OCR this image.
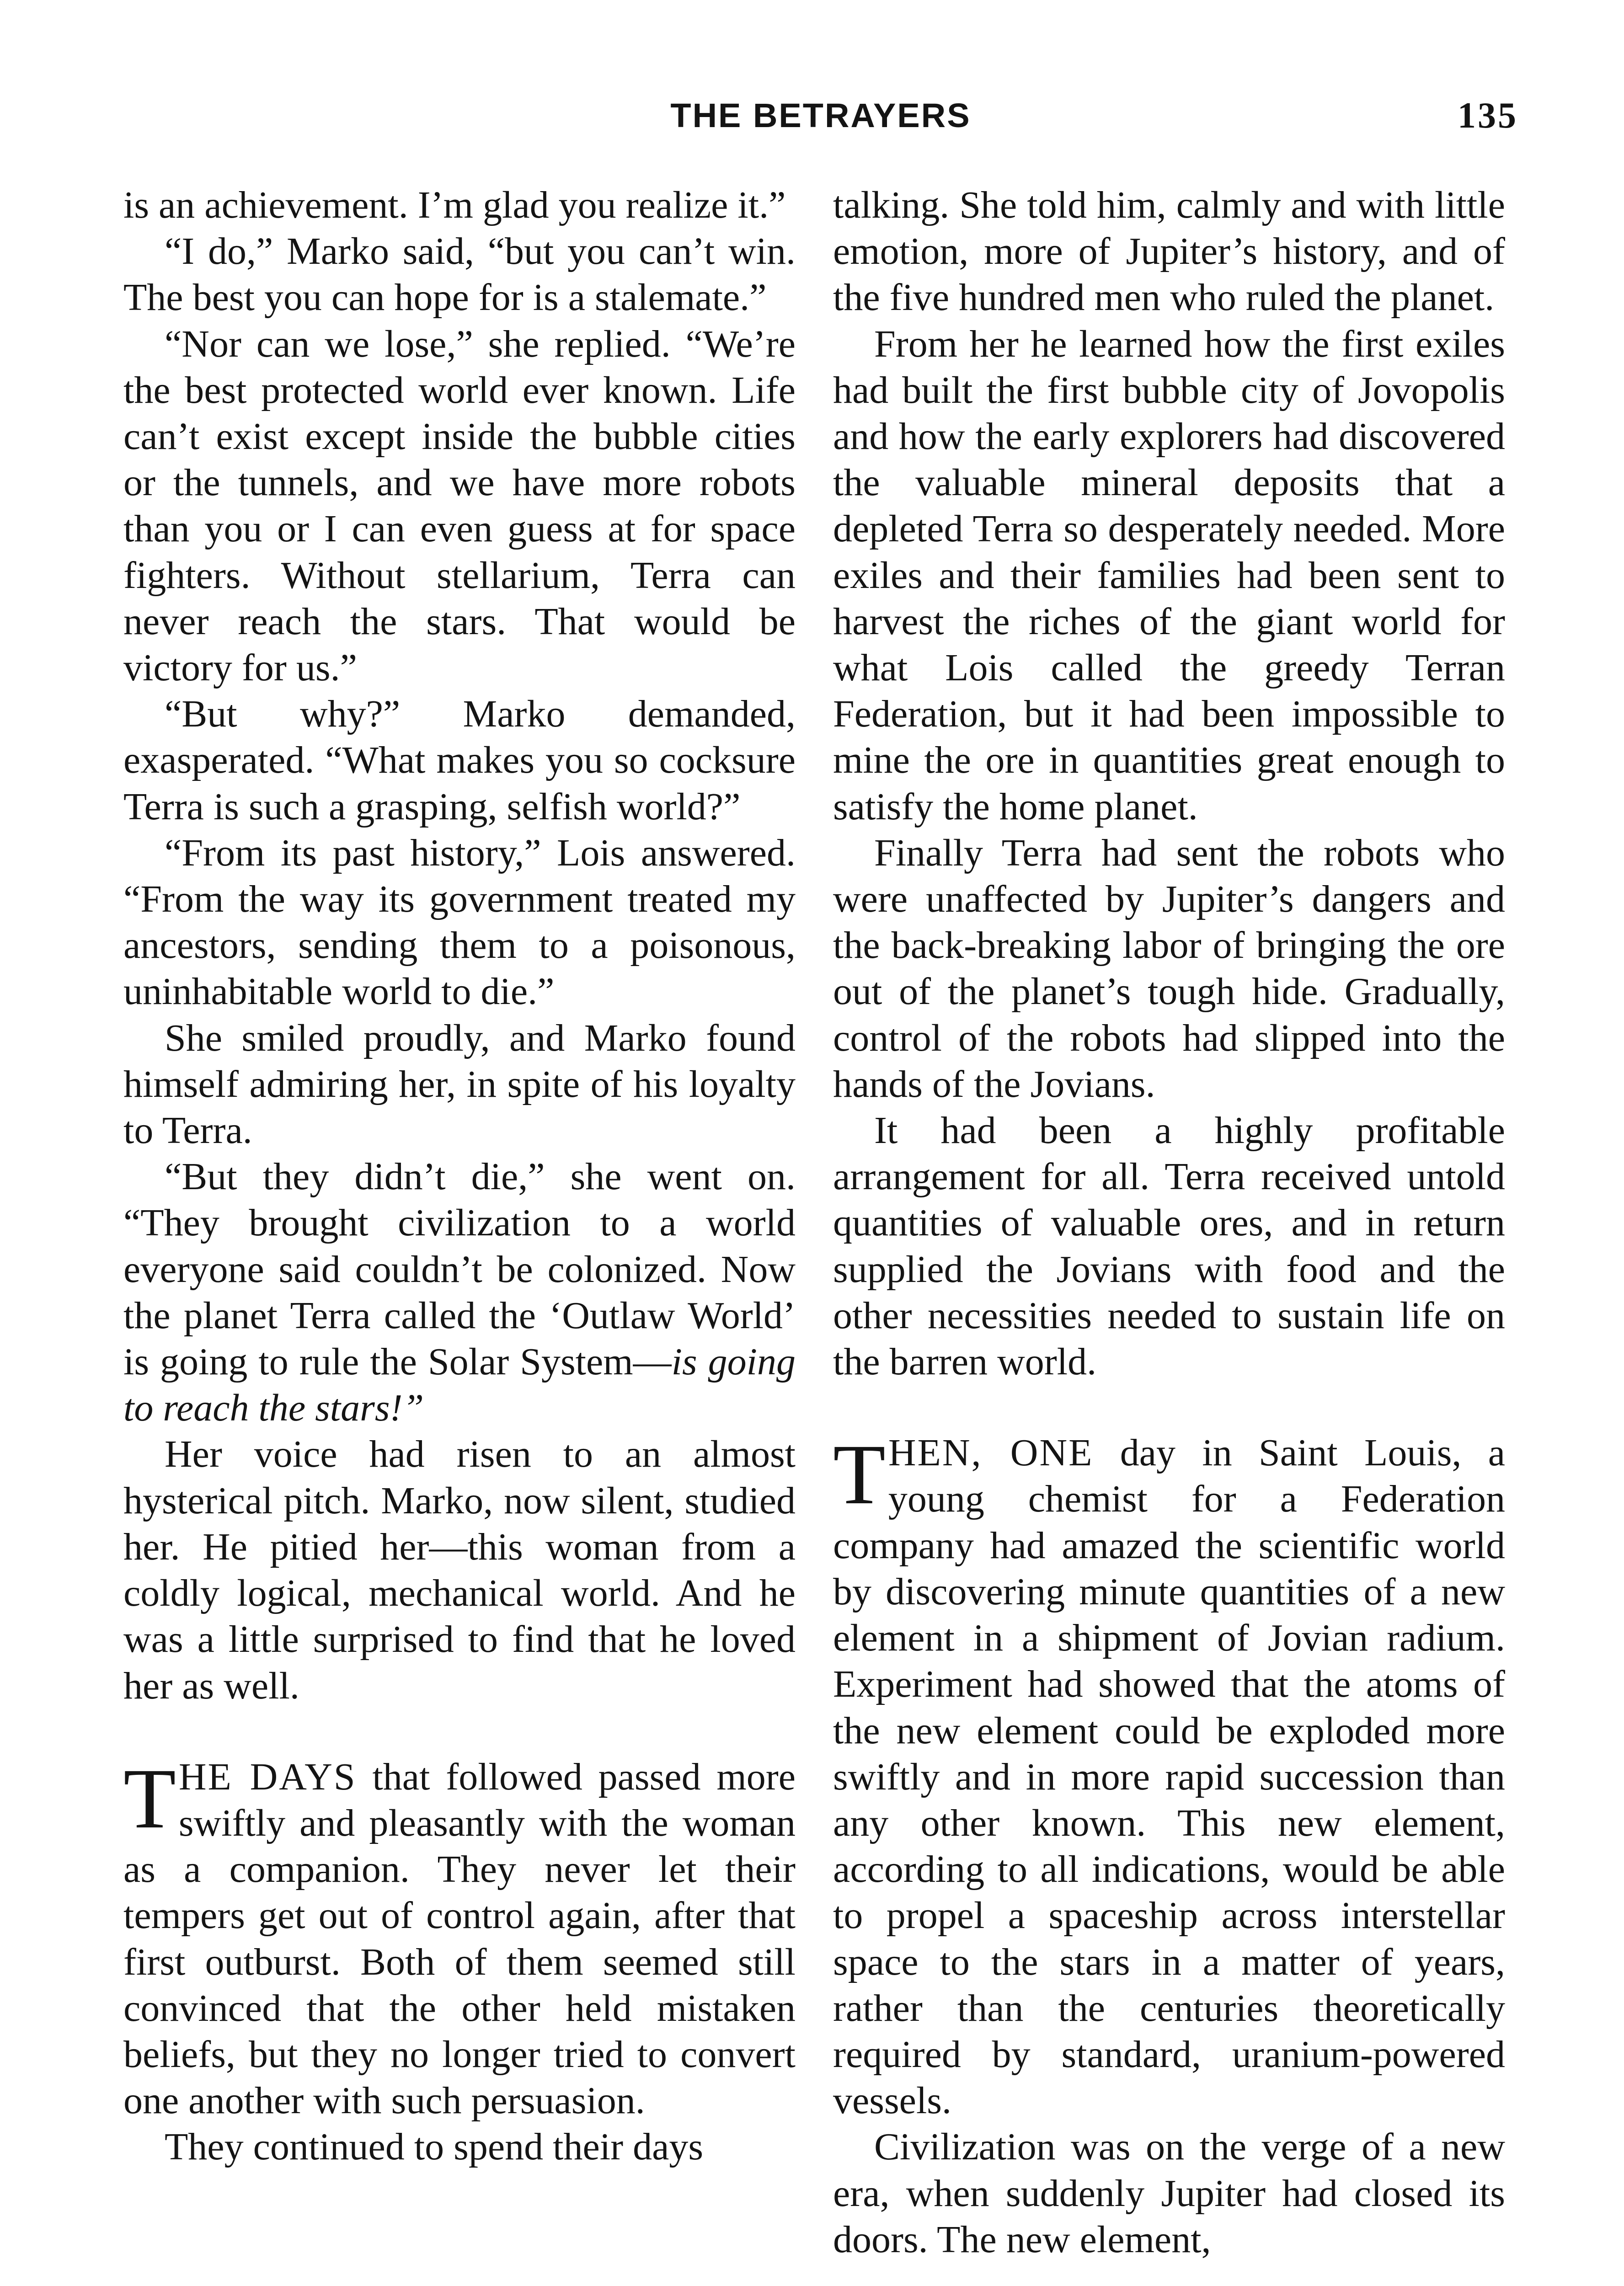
THE BETRAYERS	135

is an achievement. I’m glad you realize it.”

“I do,” Marko said, “but you can’t win. The best you can hope for is a stalemate.”

“Nor can we lose,” she replied. “We’re the best protected world ever known. Life can’t exist except inside the bubble cities or the tunnels, and we have more robots than you or I can even guess at for space fighters. Without stellarium, Terra can never reach the stars. That would be victory for us.”

“But why?” Marko demanded, exasperated. “What makes you so cocksure Terra is such a grasping, selfish world?”

“From its past history,” Lois answered. “From the way its government treated my ancestors, sending them to a poisonous, uninhabitable world to die.”

She smiled proudly, and Marko found himself admiring her, in spite of his loyalty to Terra.

“But they didn’t die,” she went on. “They brought civilization to a world everyone said couldn’t be colonized. Now the planet Terra called the ‘Outlaw World’ is going to rule the Solar System—is going to reach the stars!”

Her voice had risen to an almost hysterical pitch. Marko, now silent, studied her. He pitied her—this woman from a coldly logical, mechanical world. And he was a little surprised to find that he loved her as well.

THE DAYS that followed passed more swiftly and pleasantly with the woman as a companion. They never let their tempers get out of control again, after that first outburst. Both of them seemed still convinced that the other held mistaken beliefs, but they no longer tried to convert one another with such persuasion.

They continued to spend their days

talking. She told him, calmly and with little emotion, more of Jupiter’s history, and of the five hundred men who ruled the planet.

From her he learned how the first exiles had built the first bubble city of Jovopolis and how the early explorers had discovered the valuable mineral deposits that a depleted Terra so desperately needed. More exiles and their families had been sent to harvest the riches of the giant world for what Lois called the greedy Terran Federation, but it had been impossible to mine the ore in quantities great enough to satisfy the home planet.

Finally Terra had sent the robots who were unaffected by Jupiter’s dangers and the back-breaking labor of bringing the ore out of the planet’s tough hide. Gradually, control of the robots had slipped into the hands of the Jovians.

It had been a highly profitable arrangement for all. Terra received untold quantities of valuable ores, and in return supplied the Jovians with food and the other necessities needed to sustain life on the barren world.

THEN, ONE day in Saint Louis, a young chemist for a Federation company had amazed the scientific world by discovering minute quantities of a new element in a shipment of Jovian radium. Experiment had showed that the atoms of the new element could be exploded more swiftly and in more rapid succession than any other known. This new element, according to all indications, would be able to propel a spaceship across interstellar space to the stars in a matter of years, rather than the centuries theoretically required by standard, uranium-powered vessels.

Civilization was on the verge of a new era, when suddenly Jupiter had closed its doors. The new element,
